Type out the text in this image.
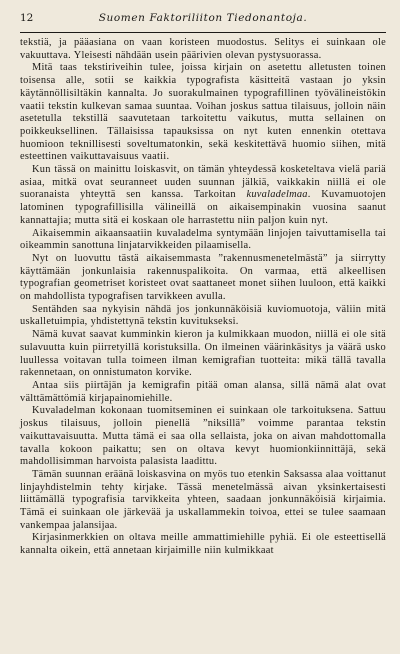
12	Suomen Faktoriliiton Tiedonantoja.

tekstiä, ja pääasiana on vaan koristeen muodostus. Selitys ei suinkaan ole vakuuttava. Yleisesti nähdään usein päärivien olevan pystysuorassa.

Mitä taas tekstiriveihin tulee, joissa kirjain on asetettu alletusten toinen toisensa alle, sotii se kaikkia typografista käsitteitä vastaan jo yksin käytännöllisiltäkin kannalta. Jo suorakulmainen typografillinen työvälineistökin vaatii tekstin kulkevan samaa suuntaa. Voihan joskus sattua tilaisuus, jolloin näin asetetulla tekstillä saavutetaan tarkoitettu vaikutus, mutta sellainen on poikkeuksellinen. Tällaisissa tapauksissa on nyt kuten ennenkin otettava huomioon teknillisesti soveltumatonkin, sekä keskitettävä huomio siihen, mitä esteettinen vaikuttavaisuus vaatii.

Kun tässä on mainittu loiskasvit, on tämän yhteydessä kosketeltava vielä pariä asiaa, mitkä ovat seuranneet uuden suunnan jälkiä, vaikkakin niillä ei ole suoranaista yhteyttä sen kanssa. Tarkoitan kuvaladelmaa. Kuvamuotojen latominen typografillisilla välineillä on aikaisempinakin vuosina saanut kannattajia; mutta sitä ei koskaan ole harrastettu niin paljon kuin nyt.

Aikaisemmin aikaansaatiin kuvaladelma syntymään linjojen taivuttamisella tai oikeammin sanottuna linjatarvikkeiden pilaamisella.

Nyt on luovuttu tästä aikaisemmasta ”rakennusmenetelmästä” ja siirrytty käyttämään jonkunlaisia rakennuspalikoita. On varmaa, että alkeellisen typografian geometriset koristeet ovat saattaneet monet siihen luuloon, että kaikki on mahdollista typografisen tarvikkeen avulla.

Sentähden saa nykyisin nähdä jos jonkunnäköisiä kuviomuotoja, väliin mitä uskalletuimpia, yhdistettynä tekstin kuvitukseksi.

Nämä kuvat saavat kumminkin kieron ja kulmikkaan muodon, niillä ei ole sitä sulavuutta kuin piirretyillä koristuksilla. On ilmeinen väärinkäsitys ja väärä usko luullessa voitavan tulla toimeen ilman kemigrafian tuotteita: mikä tällä tavalla rakennetaan, on onnistumaton korvike.

Antaa siis piirtäjän ja kemigrafin pitää oman alansa, sillä nämä alat ovat välttämättömiä kirjapainomiehille.

Kuvaladelman kokonaan tuomitseminen ei suinkaan ole tarkoituksena. Sattuu joskus tilaisuus, jolloin pienellä ”niksillä” voimme parantaa tekstin vaikuttavaisuutta. Mutta tämä ei saa olla sellaista, joka on aivan mahdottomalla tavalla kokoon paikattu; sen on oltava kevyt huomionkiinnittäjä, sekä mahdollisimman harvoista palasista laadittu.

Tämän suunnan eräänä loiskasvina on myös tuo etenkin Saksassa alaa voittanut linjayhdistelmin tehty kirjake. Tässä menetelmässä aivan yksinkertaisesti liittämällä typografisia tarvikkeita yhteen, saadaan jonkunnäköisiä kirjaimia. Tämä ei suinkaan ole järkevää ja uskallammekin toivoa, ettei se tulee saamaan vankempaa jalansijaa.

Kirjasinmerkkien on oltava meille ammattimiehille pyhiä. Ei ole esteettisellä kannalta oikein, että annetaan kirjaimille niin kulmikkaat
